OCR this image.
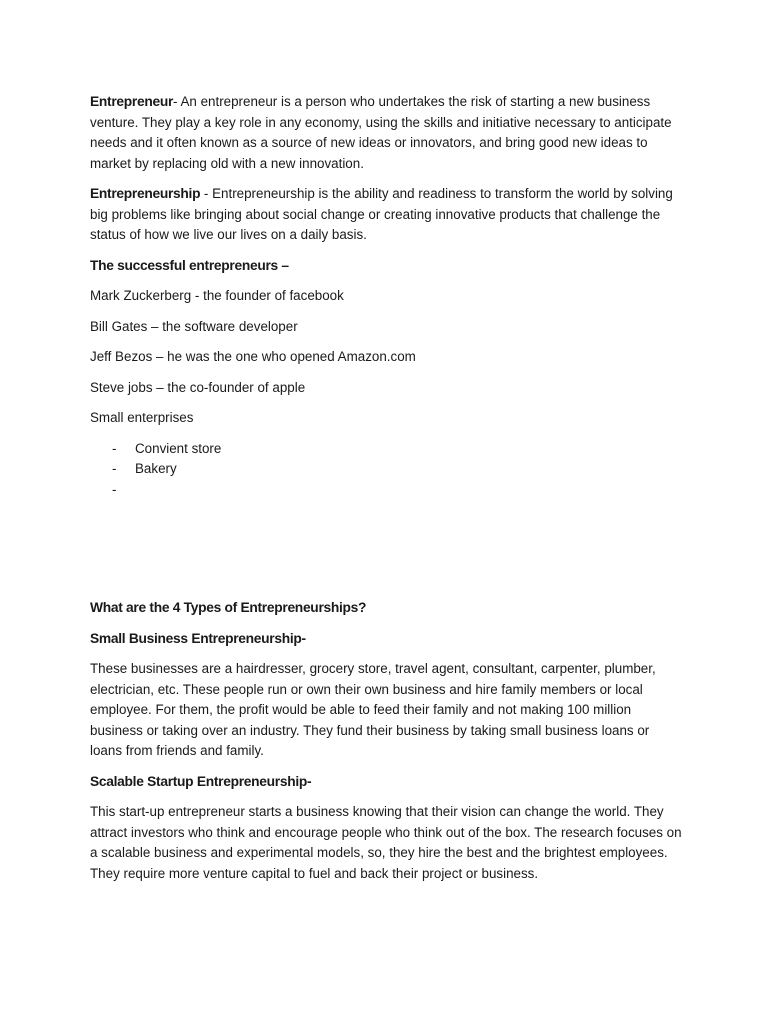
Entrepreneur- An entrepreneur is a person who undertakes the risk of starting a new business venture. They play a key role in any economy, using the skills and initiative necessary to anticipate needs and it often known as a source of new ideas or innovators, and bring good new ideas to market by replacing old with a new innovation.

Entrepreneurship - Entrepreneurship is the ability and readiness to transform the world by solving big problems like bringing about social change or creating innovative products that challenge the status of how we live our lives on a daily basis.

The successful entrepreneurs –

Mark Zuckerberg - the founder of facebook

Bill Gates – the software developer

Jeff Bezos – he was the one who opened Amazon.com

Steve jobs – the co-founder of apple

Small enterprises

- Convient store
- Bakery
-
What are the 4 Types of Entrepreneurships?
Small Business Entrepreneurship-

These businesses are a hairdresser, grocery store, travel agent, consultant, carpenter, plumber, electrician, etc. These people run or own their own business and hire family members or local employee. For them, the profit would be able to feed their family and not making 100 million business or taking over an industry. They fund their business by taking small business loans or loans from friends and family.

Scalable Startup Entrepreneurship-

This start-up entrepreneur starts a business knowing that their vision can change the world. They attract investors who think and encourage people who think out of the box. The research focuses on a scalable business and experimental models, so, they hire the best and the brightest employees. They require more venture capital to fuel and back their project or business.
